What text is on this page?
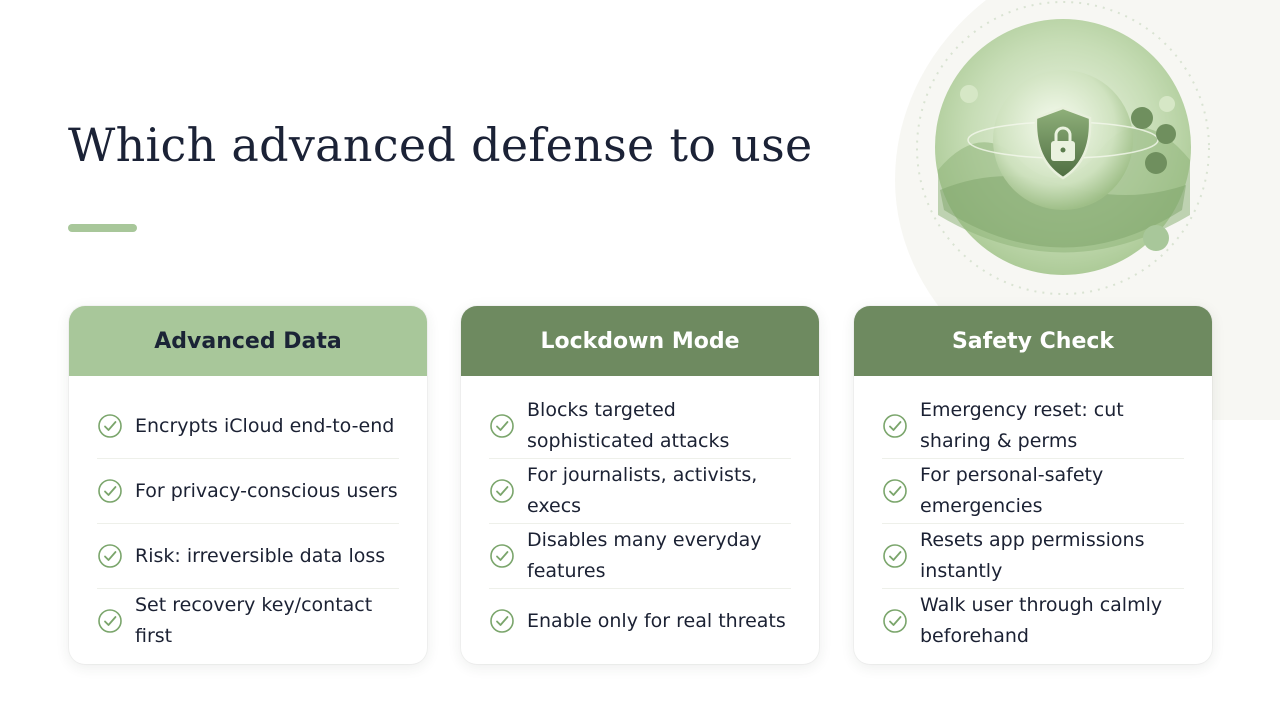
Which advanced defense to use
Advanced Data
Encrypts iCloud end-to-end
For privacy-conscious users
Risk: irreversible data loss
Set recovery key/contact first
Lockdown Mode
Blocks targeted sophisticated attacks
For journalists, activists, execs
Disables many everyday features
Enable only for real threats
Safety Check
Emergency reset: cut sharing & perms
For personal-safety emergencies
Resets app permissions instantly
Walk user through calmly beforehand
